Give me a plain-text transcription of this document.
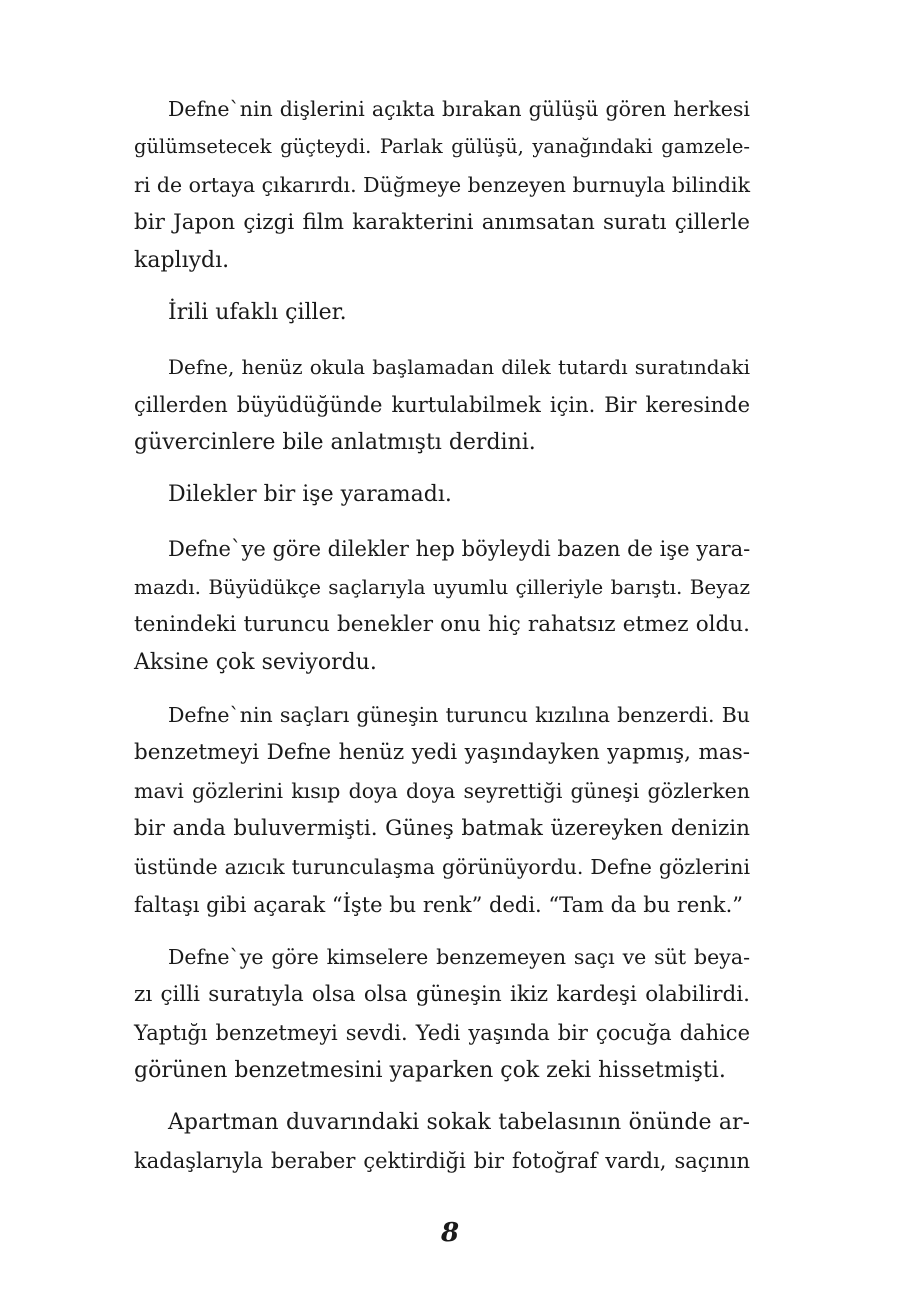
Defne`nin dişlerini açıkta bırakan gülüşü gören herkesi
gülümsetecek güçteydi. Parlak gülüşü, yanağındaki gamzele-
ri de ortaya çıkarırdı. Düğmeye benzeyen burnuyla bilindik
bir Japon çizgi film karakterini anımsatan suratı çillerle
kaplıydı.
İrili ufaklı çiller.
Defne, henüz okula başlamadan dilek tutardı suratındaki
çillerden büyüdüğünde kurtulabilmek için. Bir keresinde
güvercinlere bile anlatmıştı derdini.
Dilekler bir işe yaramadı.
Defne`ye göre dilekler hep böyleydi bazen de işe yara-
mazdı. Büyüdükçe saçlarıyla uyumlu çilleriyle barıştı. Beyaz
tenindeki turuncu benekler onu hiç rahatsız etmez oldu.
Aksine çok seviyordu.
Defne`nin saçları güneşin turuncu kızılına benzerdi. Bu
benzetmeyi Defne henüz yedi yaşındayken yapmış, mas-
mavi gözlerini kısıp doya doya seyrettiği güneşi gözlerken
bir anda buluvermişti. Güneş batmak üzereyken denizin
üstünde azıcık turunculaşma görünüyordu. Defne gözlerini
faltaşı gibi açarak “İşte bu renk” dedi. “Tam da bu renk.”
Defne`ye göre kimselere benzemeyen saçı ve süt beya-
zı çilli suratıyla olsa olsa güneşin ikiz kardeşi olabilirdi.
Yaptığı benzetmeyi sevdi. Yedi yaşında bir çocuğa dahice
görünen benzetmesini yaparken çok zeki hissetmişti.
Apartman duvarındaki sokak tabelasının önünde ar-
kadaşlarıyla beraber çektirdiği bir fotoğraf vardı, saçının
8
